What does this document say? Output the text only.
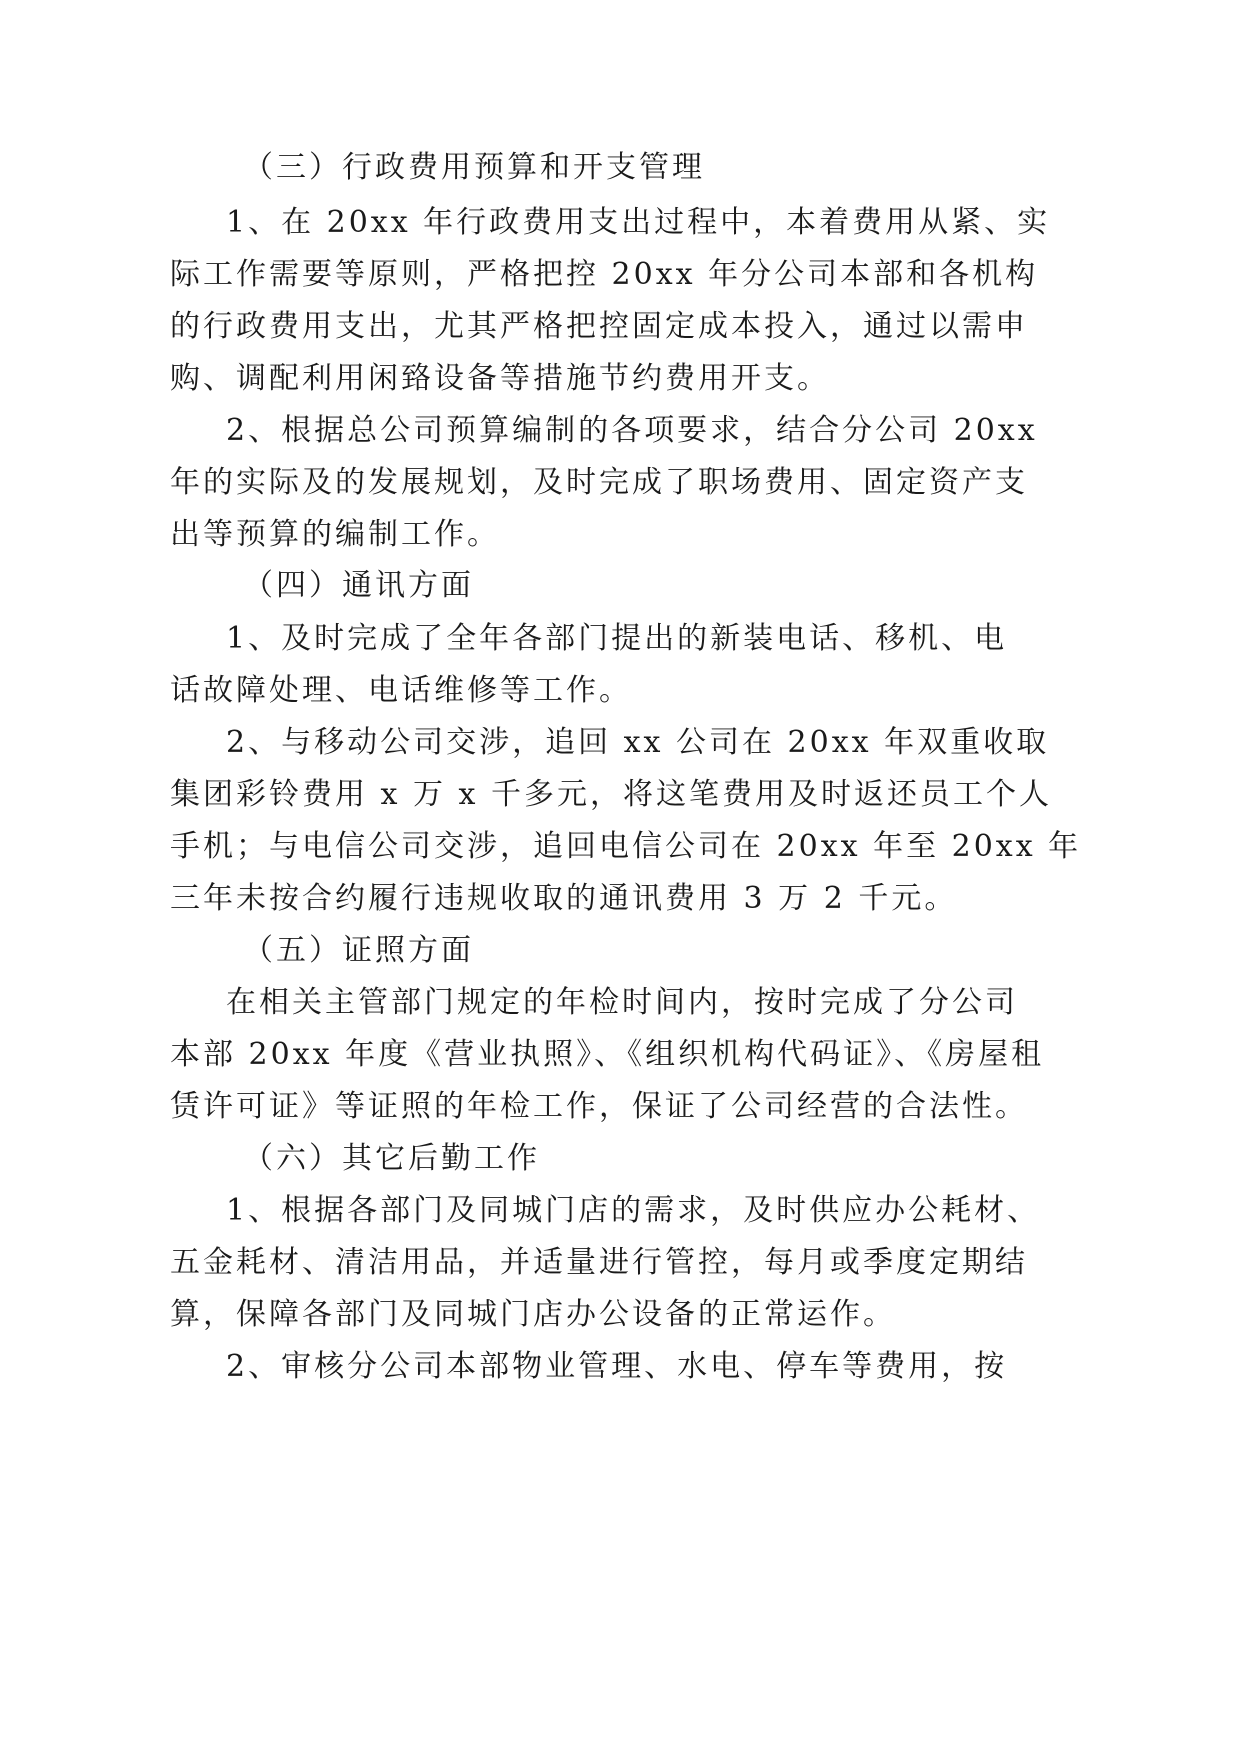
（三）行政费用预算和开支管理

1、在 20xx 年行政费用支出过程中，本着费用从紧、实

际工作需要等原则，严格把控 20xx 年分公司本部和各机构

的行政费用支出，尤其严格把控固定成本投入，通过以需申

购、调配利用闲臵设备等措施节约费用开支。

2、根据总公司预算编制的各项要求，结合分公司 20xx

年的实际及的发展规划，及时完成了职场费用、固定资产支

出等预算的编制工作。

（四）通讯方面

1、及时完成了全年各部门提出的新装电话、移机、电

话故障处理、电话维修等工作。

2、与移动公司交涉，追回 xx 公司在 20xx 年双重收取

集团彩铃费用 x 万 x 千多元，将这笔费用及时返还员工个人

手机；与电信公司交涉，追回电信公司在 20xx 年至 20xx 年

三年未按合约履行违规收取的通讯费用 3 万 2 千元。

（五）证照方面

在相关主管部门规定的年检时间内，按时完成了分公司

本部 20xx 年度《营业执照》、《组织机构代码证》、《房屋租

赁许可证》等证照的年检工作，保证了公司经营的合法性。

（六）其它后勤工作

1、根据各部门及同城门店的需求，及时供应办公耗材、

五金耗材、清洁用品，并适量进行管控，每月或季度定期结

算，保障各部门及同城门店办公设备的正常运作。

2、审核分公司本部物业管理、水电、停车等费用，按
